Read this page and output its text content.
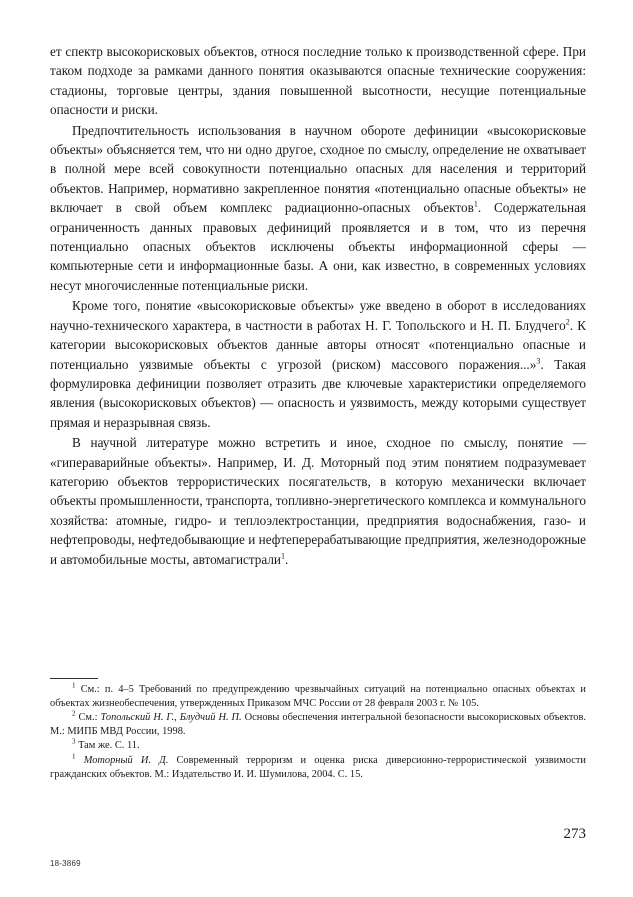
ет спектр высокорисковых объектов, относя последние только к производственной сфере. При таком подходе за рамками данного понятия оказываются опасные технические сооружения: стадионы, торговые центры, здания повышенной высотности, несущие потенциальные опасности и риски.

Предпочтительность использования в научном обороте дефиниции «высокорисковые объекты» объясняется тем, что ни одно другое, сходное по смыслу, определение не охватывает в полной мере всей совокупности потенциально опасных для населения и территорий объектов. Например, нормативно закрепленное понятия «потенциально опасные объекты» не включает в свой объем комплекс радиационно-опасных объектов$^1$. Содержательная ограниченность данных правовых дефиниций проявляется и в том, что из перечня потенциально опасных объектов исключены объекты информационной сферы — компьютерные сети и информационные базы. А они, как известно, в современных условиях несут многочисленные потенциальные риски.

Кроме того, понятие «высокорисковые объекты» уже введено в оборот в исследованиях научно-технического характера, в частности в работах Н. Г. Топольского и Н. П. Блудчего$^2$. К категории высокорисковых объектов данные авторы относят «потенциально опасные и потенциально уязвимые объекты с угрозой (риском) массового поражения...»$^3$. Такая формулировка дефиниции позволяет отразить две ключевые характеристики определяемого явления (высокорисковых объектов) — опасность и уязвимость, между которыми существует прямая и неразрывная связь.

В научной литературе можно встретить и иное, сходное по смыслу, понятие — «гипераварийные объекты». Например, И. Д. Моторный под этим понятием подразумевает категорию объектов террористических посягательств, в которую механически включает объекты промышленности, транспорта, топливно-энергетического комплекса и коммунального хозяйства: атомные, гидро- и теплоэлектростанции, предприятия водоснабжения, газо- и нефтепроводы, нефтедобывающие и нефтеперерабатывающие предприятия, железнодорожные и автомобильные мосты, автомагистрали$^1$.

$^1$ См.: п. 4–5 Требований по предупреждению чрезвычайных ситуаций на потенциально опасных объектах и объектах жизнеобеспечения, утвержденных Приказом МЧС России от 28 февраля 2003 г. № 105.

$^2$ См.: Топольский Н. Г., Блудчий Н. П. Основы обеспечения интегральной безопасности высокорисковых объектов. М.: МИПБ МВД России, 1998.

$^3$ Там же. С. 11.

$^1$ Моторный И. Д. Современный терроризм и оценка риска диверсионно-террористической уязвимости гражданских объектов. М.: Издательство И. И. Шумилова, 2004. С. 15.

273
18-3869
